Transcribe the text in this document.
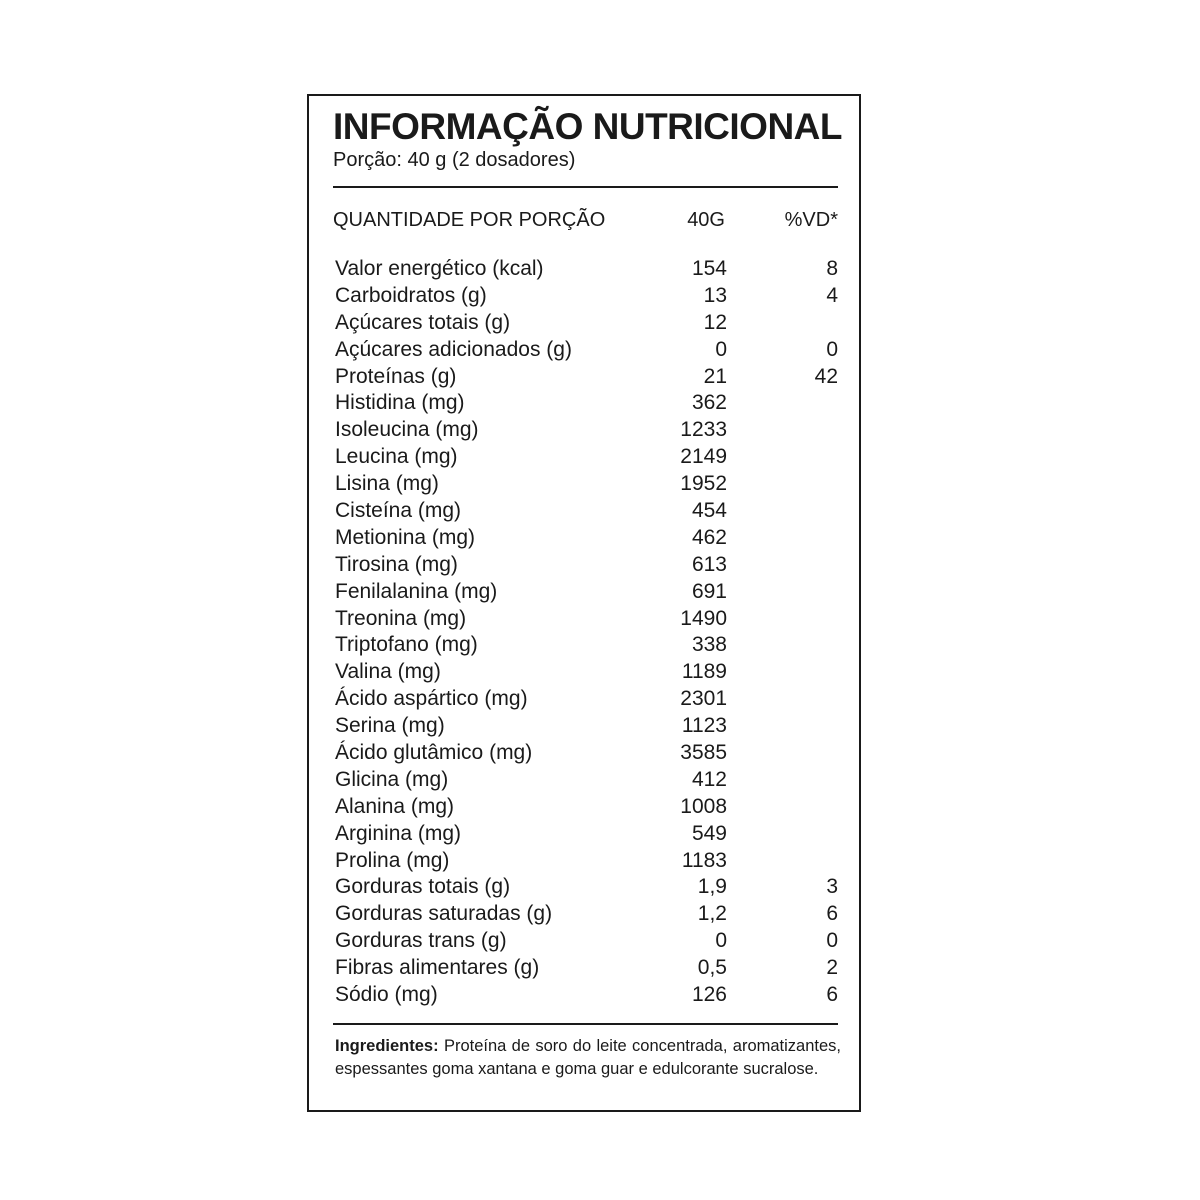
INFORMAÇÃO NUTRICIONAL
Porção: 40 g (2 dosadores)
QUANTIDADE POR PORÇÃO	40G	%VD*
Valor energético (kcal)	154	8
Carboidratos (g)	13	4
Açúcares totais (g)	12
Açúcares adicionados (g)	0	0
Proteínas (g)	21	42
Histidina (mg)	362
Isoleucina (mg)	1233
Leucina (mg)	2149
Lisina (mg)	1952
Cisteína (mg)	454
Metionina (mg)	462
Tirosina (mg)	613
Fenilalanina (mg)	691
Treonina (mg)	1490
Triptofano (mg)	338
Valina (mg)	1189
Ácido aspártico (mg)	2301
Serina (mg)	1123
Ácido glutâmico (mg)	3585
Glicina (mg)	412
Alanina (mg)	1008
Arginina (mg)	549
Prolina (mg)	1183
Gorduras totais (g)	1,9	3
Gorduras saturadas (g)	1,2	6
Gorduras trans (g)	0	0
Fibras alimentares (g)	0,5	2
Sódio (mg)	126	6
Ingredientes: Proteína de soro do leite concentrada, aromatizantes, espessantes goma xantana e goma guar e edulcorante sucralose.
